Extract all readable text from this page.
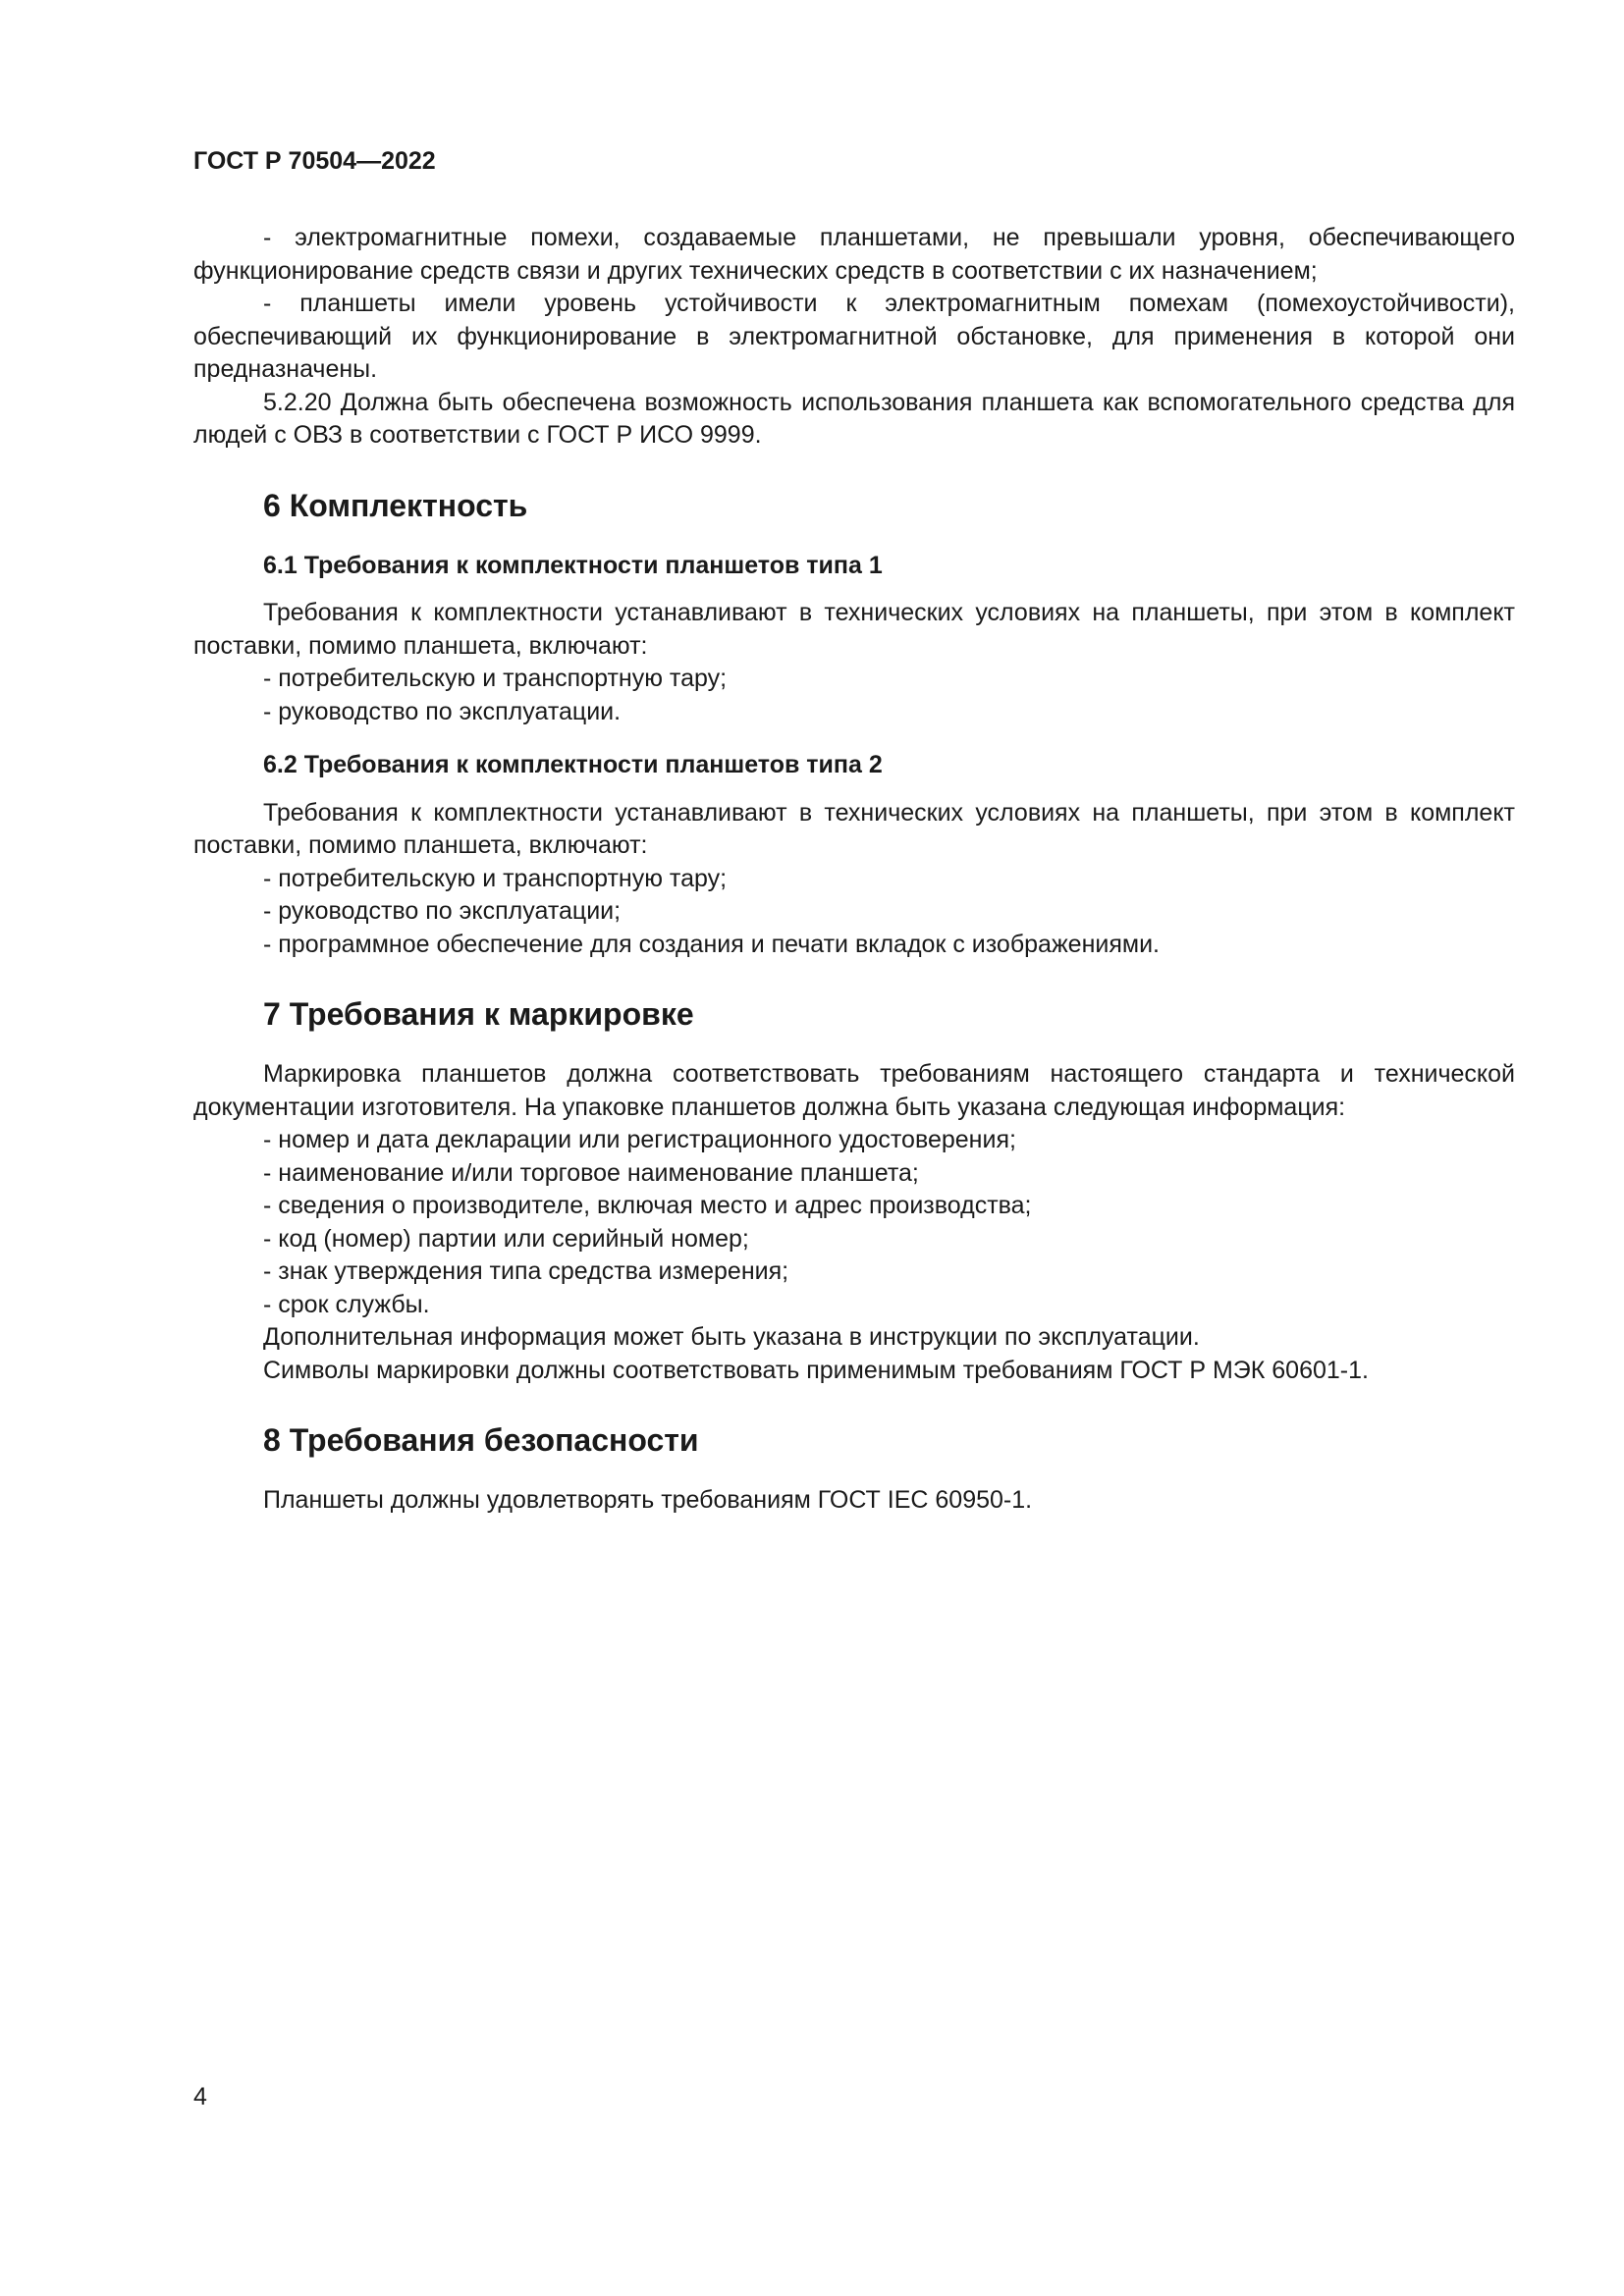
ГОСТ Р 70504—2022

- электромагнитные помехи, создаваемые планшетами, не превышали уровня, обеспечивающего функционирование средств связи и других технических средств в соответствии с их назначением;

- планшеты имели уровень устойчивости к электромагнитным помехам (помехоустойчивости), обеспечивающий их функционирование в электромагнитной обстановке, для применения в которой они предназначены.

5.2.20 Должна быть обеспечена возможность использования планшета как вспомогательного средства для людей с ОВЗ в соответствии с ГОСТ Р ИСО 9999.

6 Комплектность
6.1 Требования к комплектности планшетов типа 1

Требования к комплектности устанавливают в технических условиях на планшеты, при этом в комплект поставки, помимо планшета, включают:

- потребительскую и транспортную тару;
- руководство по эксплуатации.
6.2 Требования к комплектности планшетов типа 2

Требования к комплектности устанавливают в технических условиях на планшеты, при этом в комплект поставки, помимо планшета, включают:

- потребительскую и транспортную тару;
- руководство по эксплуатации;
- программное обеспечение для создания и печати вкладок с изображениями.
7 Требования к маркировке

Маркировка планшетов должна соответствовать требованиям настоящего стандарта и технической документации изготовителя. На упаковке планшетов должна быть указана следующая информация:

- номер и дата декларации или регистрационного удостоверения;
- наименование и/или торговое наименование планшета;
- сведения о производителе, включая место и адрес производства;
- код (номер) партии или серийный номер;
- знак утверждения типа средства измерения;
- срок службы.
Дополнительная информация может быть указана в инструкции по эксплуатации.
Символы маркировки должны соответствовать применимым требованиям ГОСТ Р МЭК 60601-1.
8 Требования безопасности
Планшеты должны удовлетворять требованиям ГОСТ IEC 60950-1.
4
